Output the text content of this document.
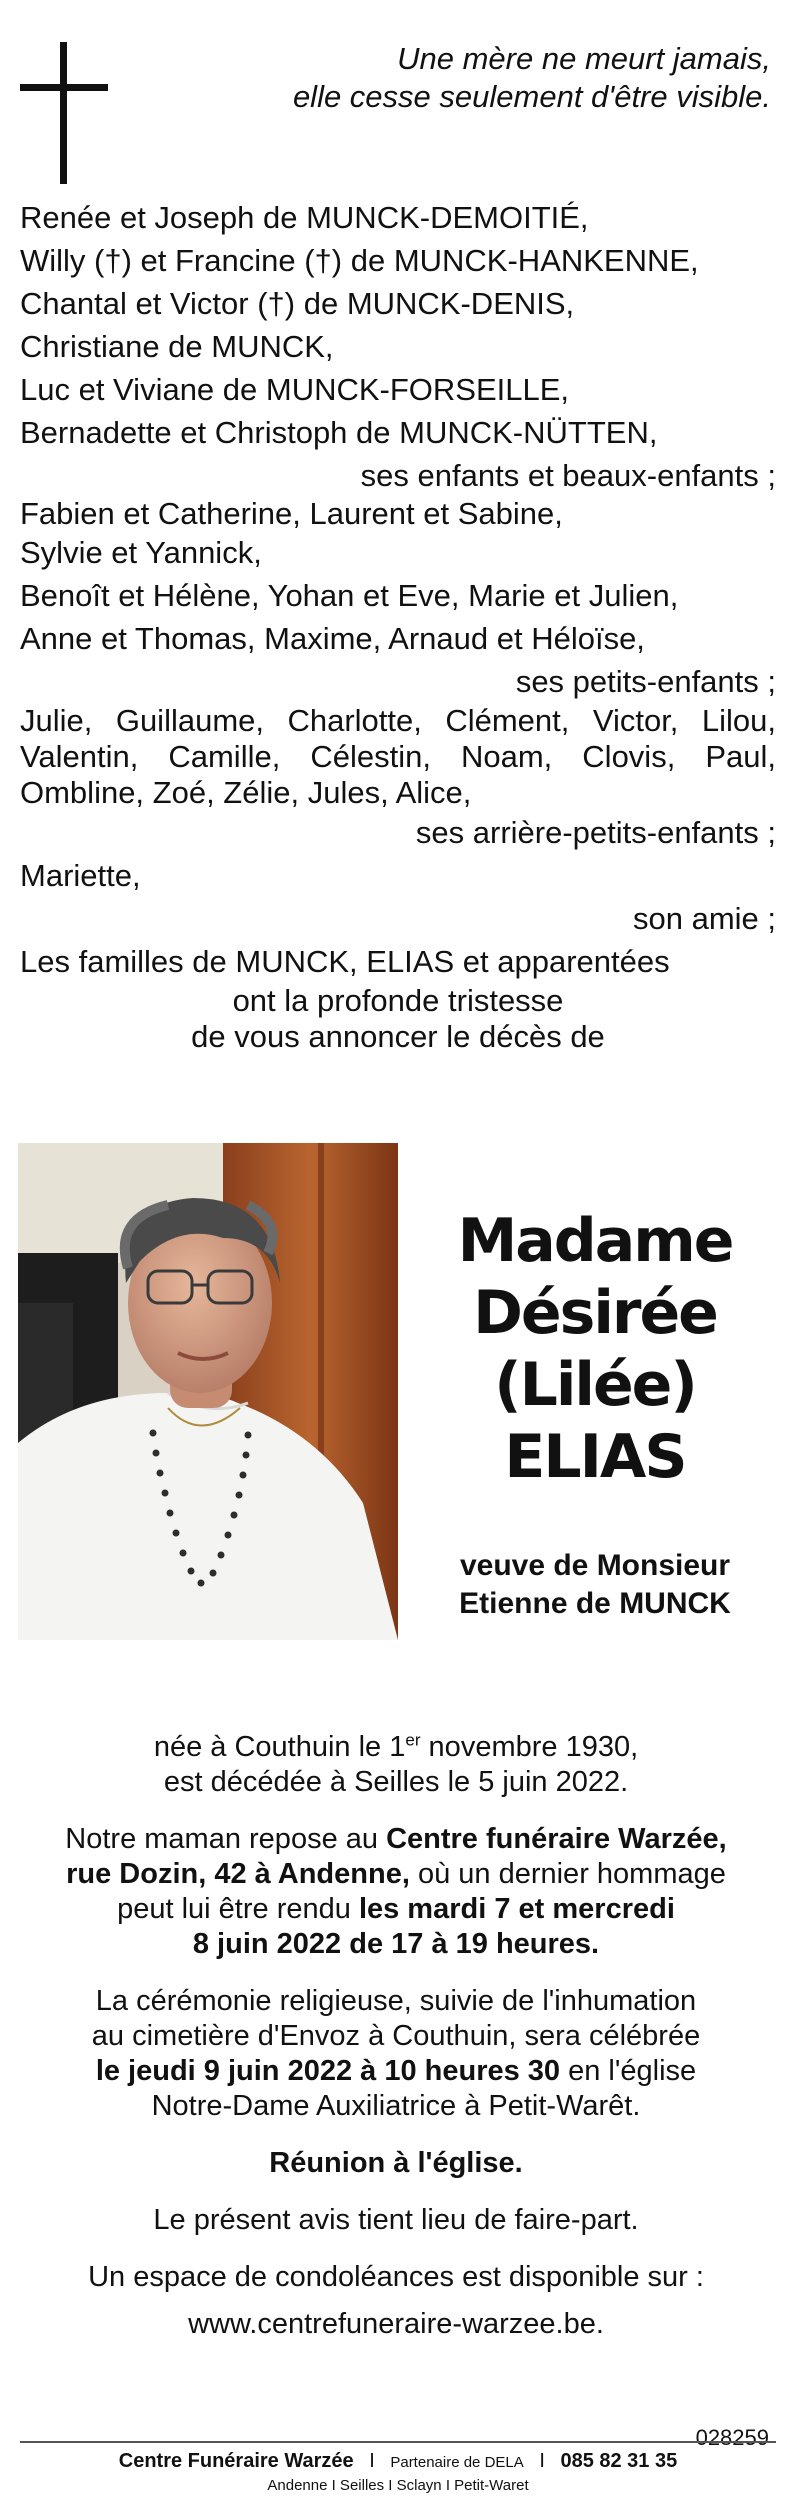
Une mère ne meurt jamais,
elle cesse seulement d'être visible.
Renée et Joseph de MUNCK-DEMOITIÉ,
Willy (†) et Francine (†) de MUNCK-HANKENNE,
Chantal et Victor (†) de MUNCK-DENIS,
Christiane de MUNCK,
Luc et Viviane de MUNCK-FORSEILLE,
Bernadette et Christoph de MUNCK-NÜTTEN,
ses enfants et beaux-enfants ;
Fabien et Catherine, Laurent et Sabine,
Sylvie et Yannick,
Benoît et Hélène, Yohan et Eve, Marie et Julien,
Anne et Thomas, Maxime, Arnaud et Héloïse,
ses petits-enfants ;
Julie, Guillaume, Charlotte, Clément, Victor, Lilou,
Valentin, Camille, Célestin, Noam, Clovis, Paul,
Ombline, Zoé, Zélie, Jules, Alice,
ses arrière-petits-enfants ;
Mariette,
son amie ;
Les familles de MUNCK, ELIAS et apparentées
ont la profonde tristesse
de vous annoncer le décès de
Madame
Désirée
(Lilée)
ELIAS
veuve de Monsieur
Etienne de MUNCK
née à Couthuin le 1er novembre 1930,
est décédée à Seilles le 5 juin 2022.
Notre maman repose au Centre funéraire Warzée,
rue Dozin, 42 à Andenne, où un dernier hommage
peut lui être rendu les mardi 7 et mercredi
8 juin 2022 de 17 à 19 heures.
La cérémonie religieuse, suivie de l'inhumation
au cimetière d'Envoz à Couthuin, sera célébrée
le jeudi 9 juin 2022 à 10 heures 30 en l'église
Notre-Dame Auxiliatrice à Petit-Warêt.
Réunion à l'église.
Le présent avis tient lieu de faire-part.
Un espace de condoléances est disponible sur :
www.centrefuneraire-warzee.be.
028259
Centre Funéraire Warzée I Partenaire de DELA I 085 82 31 35
Andenne I Seilles I Sclayn I Petit-Waret
